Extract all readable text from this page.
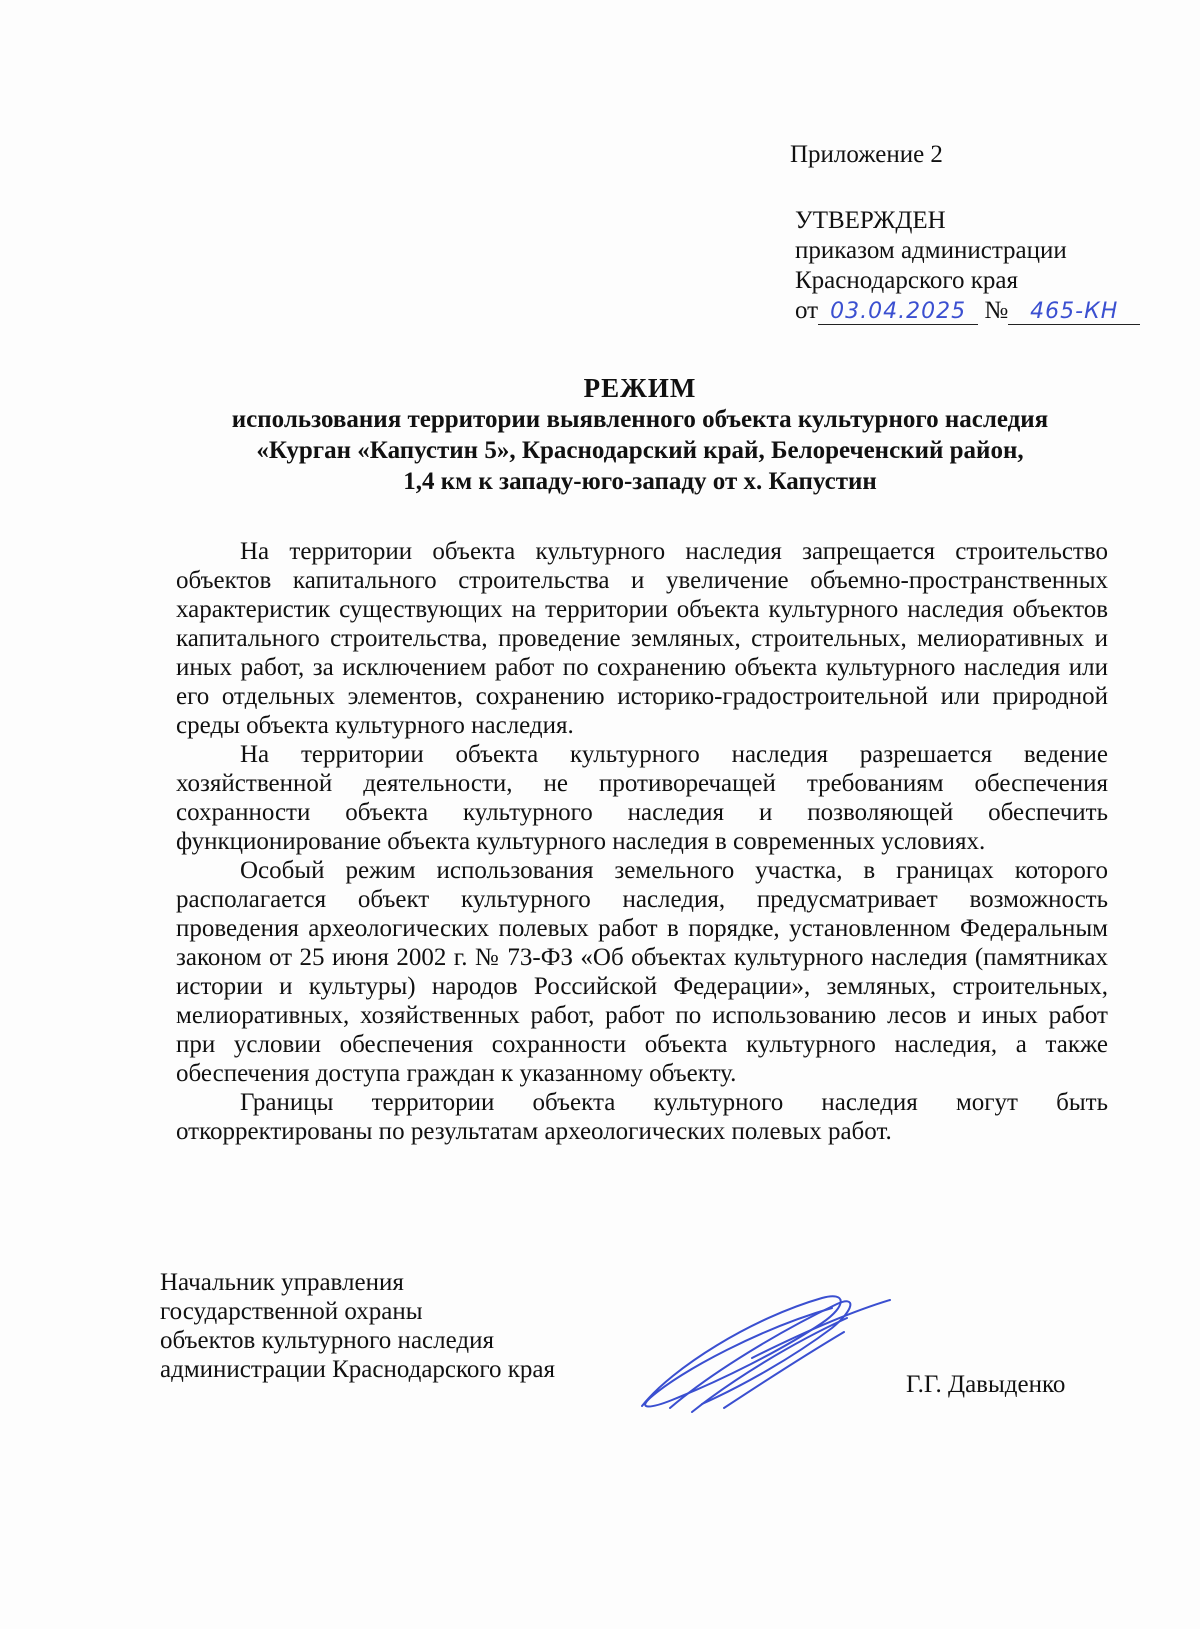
Приложение 2
УТВЕРЖДЕН
приказом администрации
Краснодарского края
от 03.04.2025 № 465-КН
РЕЖИМ
использования территории выявленного объекта культурного наследия
«Курган «Капустин 5», Краснодарский край, Белореченский район,
1,4 км к западу-юго-западу от х. Капустин

На территории объекта культурного наследия запрещается строительство объектов капитального строительства и увеличение объемно-пространственных характеристик существующих на территории объекта культурного наследия объектов капитального строительства, проведение земляных, строительных, мелиоративных и иных работ, за исключением работ по сохранению объекта культурного наследия или его отдельных элементов, сохранению историко-градостроительной или природной среды объекта культурного наследия.

На территории объекта культурного наследия разрешается ведение хозяйственной деятельности, не противоречащей требованиям обеспечения сохранности объекта культурного наследия и позволяющей обеспечить функционирование объекта культурного наследия в современных условиях.

Особый режим использования земельного участка, в границах которого располагается объект культурного наследия, предусматривает возможность проведения археологических полевых работ в порядке, установленном Федеральным законом от 25 июня 2002 г. № 73-ФЗ «Об объектах культурного наследия (памятниках истории и культуры) народов Российской Федерации», земляных, строительных, мелиоративных, хозяйственных работ, работ по использованию лесов и иных работ при условии обеспечения сохранности объекта культурного наследия, а также обеспечения доступа граждан к указанному объекту.

Границы территории объекта культурного наследия могут быть откорректированы по результатам археологических полевых работ.

Начальник управления
государственной охраны
объектов культурного наследия
администрации Краснодарского края
Г.Г. Давыденко
